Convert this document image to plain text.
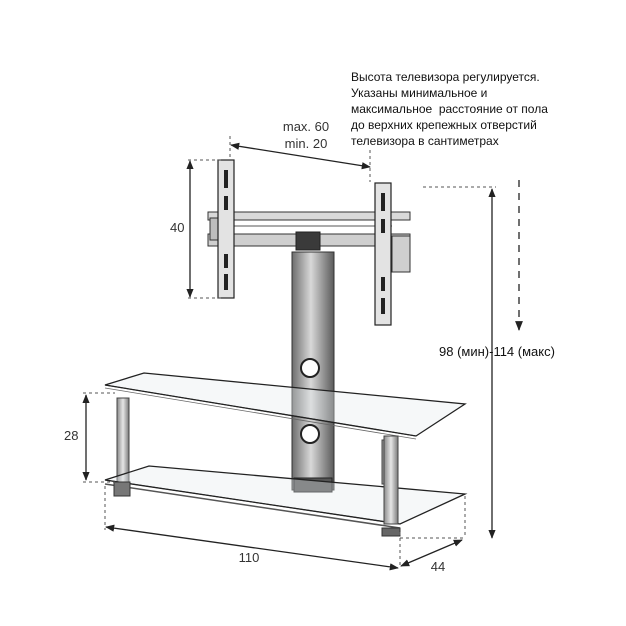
Высота телевизора регулируется.
Указаны минимальное и
максимальное  расстояние от пола
до верхних крепежных отверстий
телевизора в сантиметрах
max. 60
min. 20
40
28
110
44
98 (мин)-114 (макс)
